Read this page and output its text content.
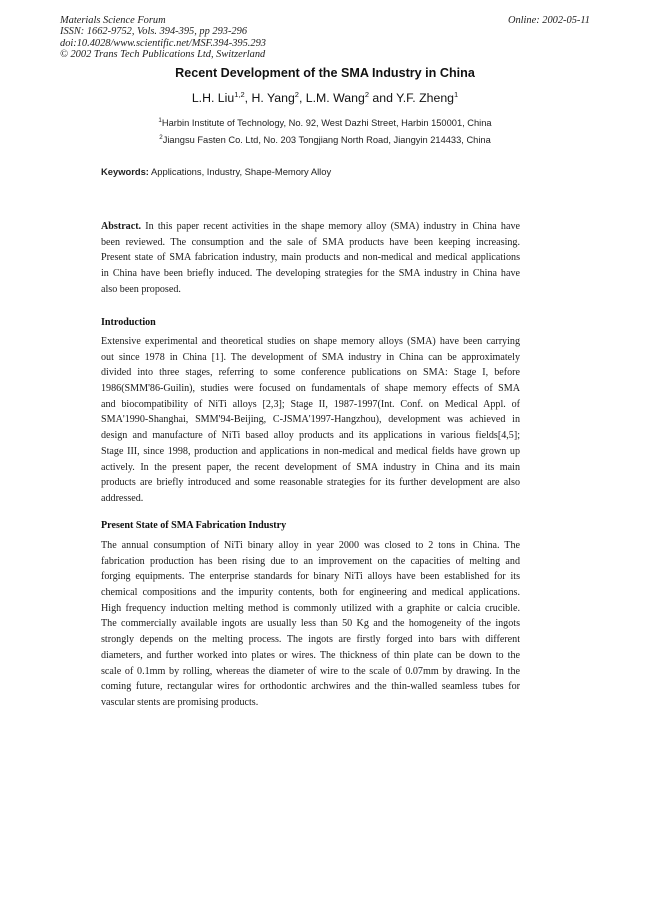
Materials Science Forum
ISSN: 1662-9752, Vols. 394-395, pp 293-296
doi:10.4028/www.scientific.net/MSF.394-395.293
© 2002 Trans Tech Publications Ltd, Switzerland
Online: 2002-05-11
Recent Development of the SMA Industry in China
L.H. Liu$^{1,2}$, H. Yang$^2$, L.M. Wang$^2$ and Y.F. Zheng$^1$
$^1$Harbin Institute of Technology, No. 92, West Dazhi Street, Harbin 150001, China
$^2$Jiangsu Fasten Co. Ltd, No. 203 Tongjiang North Road, Jiangyin 214433, China
Keywords: Applications, Industry, Shape-Memory Alloy
Abstract. In this paper recent activities in the shape memory alloy (SMA) industry in China have
been reviewed. The consumption and the sale of SMA products have been keeping increasing.
Present state of SMA fabrication industry, main products and non-medical and medical applications
in China have been briefly induced. The developing strategies for the SMA industry in China have
also been proposed.
Introduction
Extensive experimental and theoretical studies on shape memory alloys (SMA) have been carrying
out since 1978 in China [1]. The development of SMA industry in China can be approximately
divided into three stages, referring to some conference publications on SMA: Stage I, before
1986(SMM'86-Guilin), studies were focused on fundamentals of shape memory effects of SMA
and biocompatibility of NiTi alloys [2,3]; Stage II, 1987-1997(Int. Conf. on Medical Appl. of
SMA'1990-Shanghai, SMM'94-Beijing, C-JSMA'1997-Hangzhou), development was achieved in
design and manufacture of NiTi based alloy products and its applications in various fields[4,5];
Stage III, since 1998, production and applications in non-medical and medical fields have grown up
actively. In the present paper, the recent development of SMA industry in China and its main
products are briefly introduced and some reasonable strategies for its further development are also
addressed.
Present State of SMA Fabrication Industry
The annual consumption of NiTi binary alloy in year 2000 was closed to 2 tons in China. The
fabrication production has been rising due to an improvement on the capacities of melting and
forging equipments. The enterprise standards for binary NiTi alloys have been established for its
chemical compositions and the impurity contents, both for engineering and medical applications.
High frequency induction melting method is commonly utilized with a graphite or calcia crucible.
The commercially available ingots are usually less than 50 Kg and the homogeneity of the ingots
strongly depends on the melting process. The ingots are firstly forged into bars with different
diameters, and further worked into plates or wires. The thickness of thin plate can be down to the
scale of 0.1mm by rolling, whereas the diameter of wire to the scale of 0.07mm by drawing. In the
coming future, rectangular wires for orthodontic archwires and the thin-walled seamless tubes for
vascular stents are promising products.
